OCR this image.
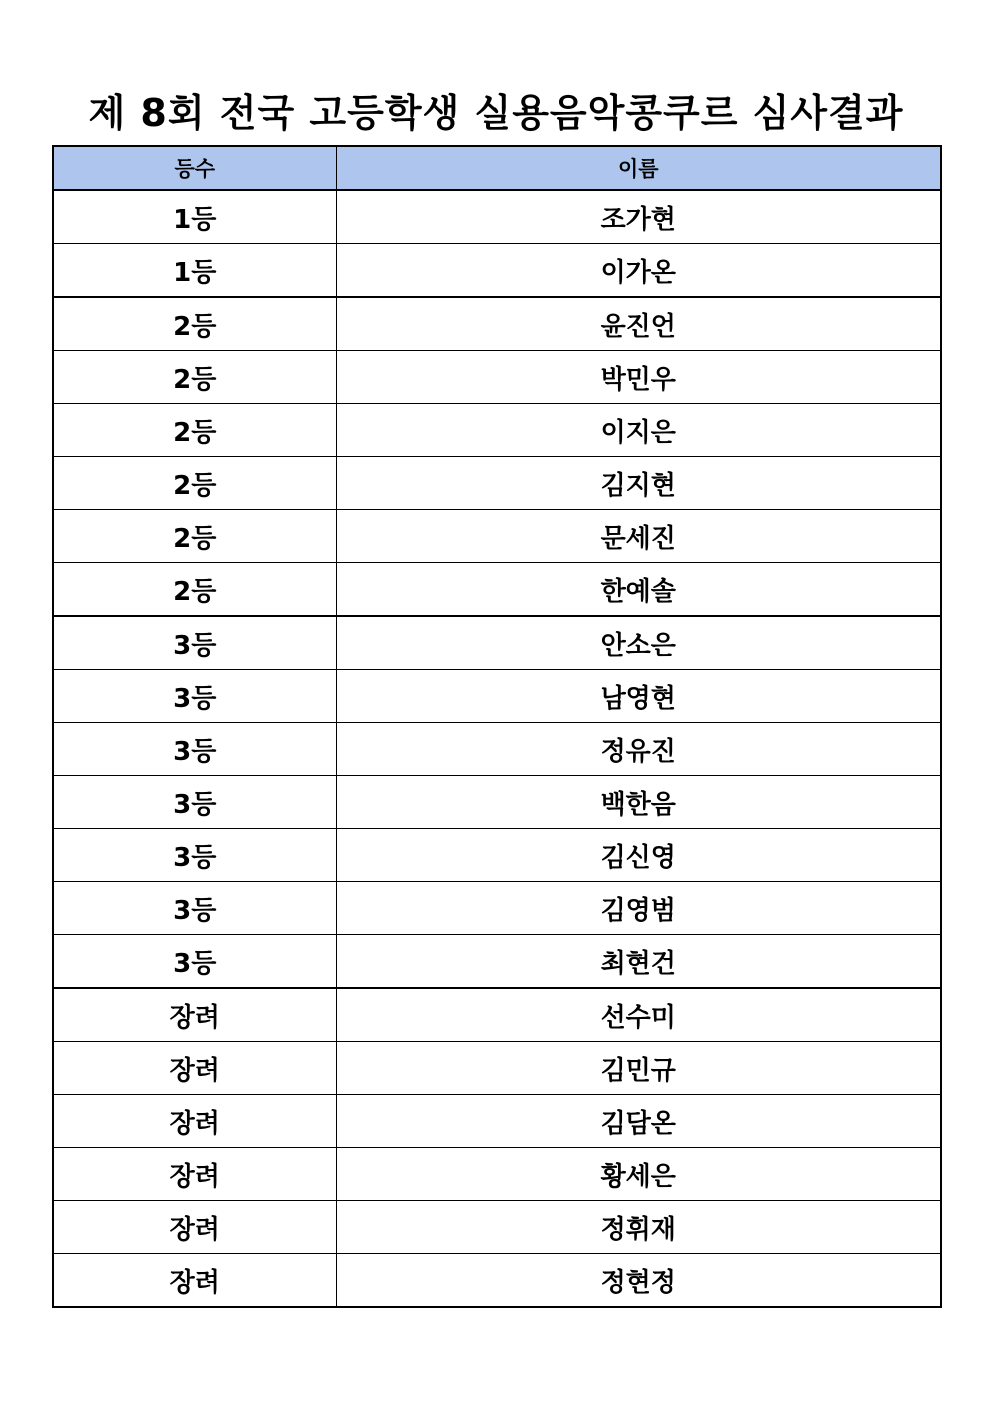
제 8회 전국 고등학생 실용음악콩쿠르 심사결과
등수	이름
1등	조가현
1등	이가온
2등	윤진언
2등	박민우
2등	이지은
2등	김지현
2등	문세진
2등	한예솔
3등	안소은
3등	남영현
3등	정유진
3등	백한음
3등	김신영
3등	김영범
3등	최현건
장려	선수미
장려	김민규
장려	김담온
장려	황세은
장려	정휘재
장려	정현정
